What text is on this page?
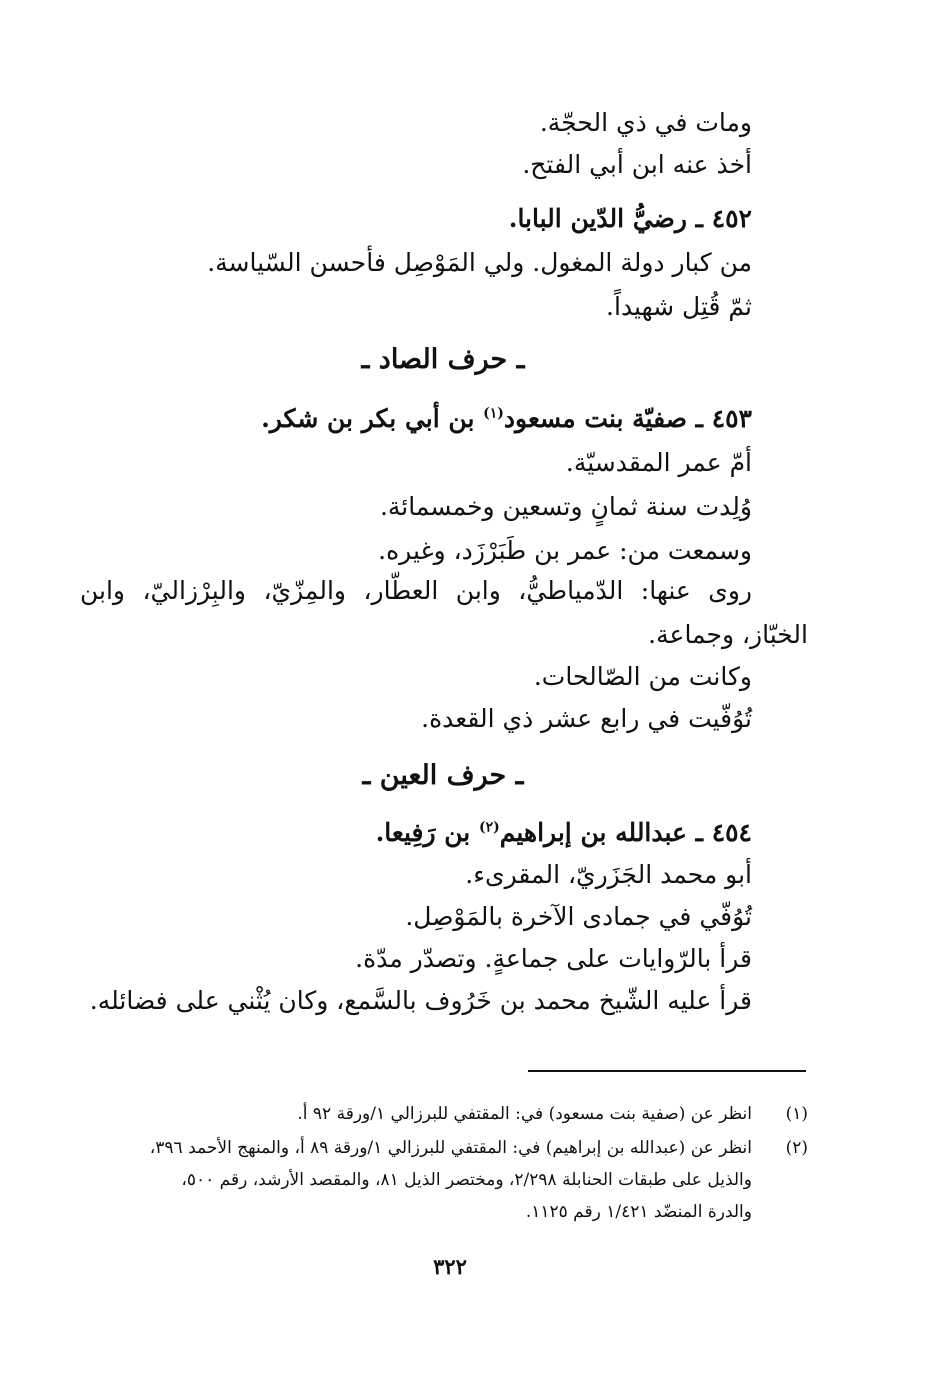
ومات في ذي الحجّة.
أخذ عنه ابن أبي الفتح.
٤٥٢ ـ رضيُّ الدّين البابا.
من كبار دولة المغول. ولي المَوْصِل فأحسن السّياسة.
ثمّ قُتِل شهيداً.
ـ حرف الصاد ـ
٤٥٣ ـ صفيّة بنت مسعود$^{(١)}$ بن أبي بكر بن شكر.
أمّ عمر المقدسيّة.
وُلِدت سنة ثمانٍ وتسعين وخمسمائة.
وسمعت من: عمر بن طَبَرْزَد، وغيره.
روى عنها: الدّمياطيُّ، وابن العطّار، والمِزّيّ، والبِرْزاليّ، وابن
الخبّاز، وجماعة.
وكانت من الصّالحات.
تُوُفّيت في رابع عشر ذي القعدة.
ـ حرف العين ـ
٤٥٤ ـ عبدالله بن إبراهيم$^{(٢)}$ بن رَفِيعا.
أبو محمد الجَزَريّ، المقرىء.
تُوُفّي في جمادى الآخرة بالمَوْصِل.
قرأ بالرّوايات على جماعةٍ. وتصدّر مدّة.
قرأ عليه الشّيخ محمد بن خَرُوف بالسَّمع، وكان يُثْني على فضائله.
(١)
انظر عن (صفية بنت مسعود) في: المقتفي للبرزالي ١/ورقة ٩٢ أ.
(٢)
انظر عن (عبدالله بن إبراهيم) في: المقتفي للبرزالي ١/ورقة ٨٩ أ، والمنهج الأحمد ٣٩٦،
والذيل على طبقات الحنابلة ٢/٢٩٨، ومختصر الذيل ٨١، والمقصد الأرشد، رقم ٥٠٠،
والدرة المنضّد ١/٤٢١ رقم ١١٢٥.
٣٢٢
